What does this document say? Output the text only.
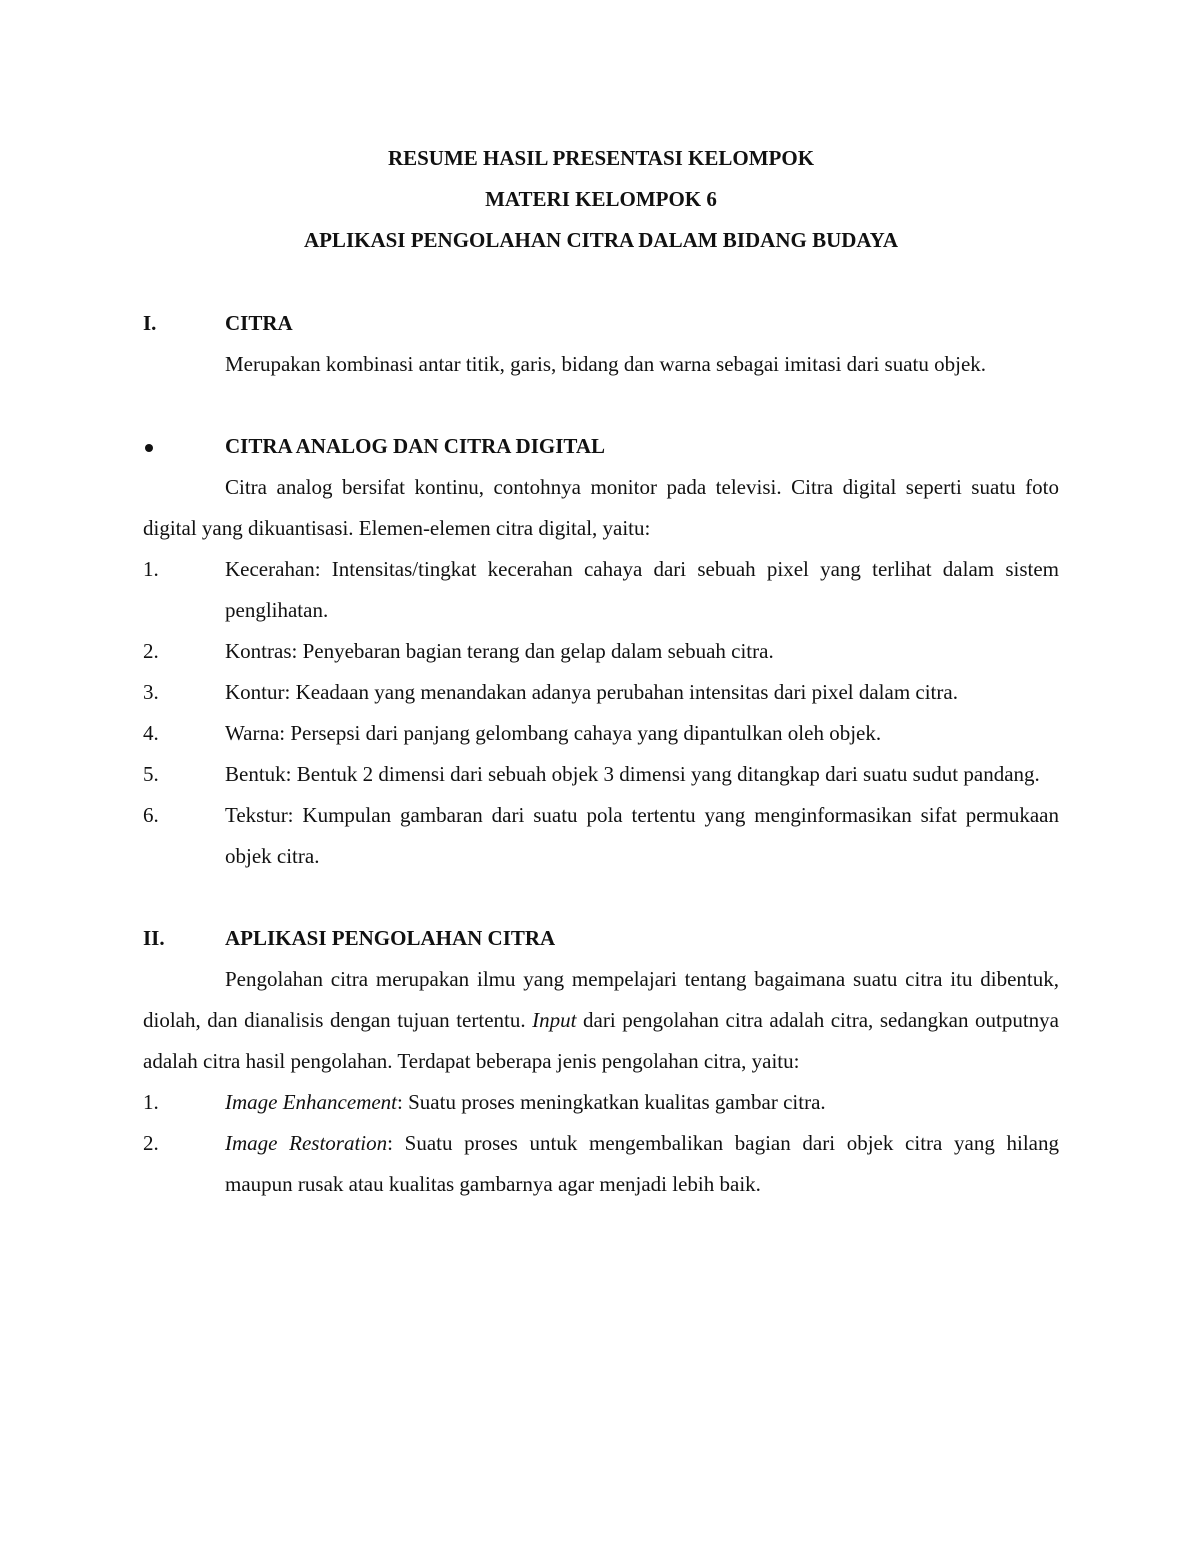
RESUME HASIL PRESENTASI KELOMPOK

MATERI KELOMPOK 6

APLIKASI PENGOLAHAN CITRA DALAM BIDANG BUDAYA

I.	CITRA

Merupakan kombinasi antar titik, garis, bidang dan warna sebagai imitasi dari suatu objek.

CITRA ANALOG DAN CITRA DIGITAL

Citra analog bersifat kontinu, contohnya monitor pada televisi. Citra digital seperti suatu foto digital yang dikuantisasi. Elemen-elemen citra digital, yaitu:

1.	Kecerahan: Intensitas/tingkat kecerahan cahaya dari sebuah pixel yang terlihat dalam sistem penglihatan.
2.	Kontras: Penyebaran bagian terang dan gelap dalam sebuah citra.
3.	Kontur: Keadaan yang menandakan adanya perubahan intensitas dari pixel dalam citra.
4.	Warna: Persepsi dari panjang gelombang cahaya yang dipantulkan oleh objek.
5.	Bentuk: Bentuk 2 dimensi dari sebuah objek 3 dimensi yang ditangkap dari suatu sudut pandang.
6.	Tekstur: Kumpulan gambaran dari suatu pola tertentu yang menginformasikan sifat permukaan objek citra.
II.	APLIKASI PENGOLAHAN CITRA

Pengolahan citra merupakan ilmu yang mempelajari tentang bagaimana suatu citra itu dibentuk, diolah, dan dianalisis dengan tujuan tertentu. Input dari pengolahan citra adalah citra, sedangkan outputnya adalah citra hasil pengolahan. Terdapat beberapa jenis pengolahan citra, yaitu:

1.	Image Enhancement: Suatu proses meningkatkan kualitas gambar citra.
2.	Image Restoration: Suatu proses untuk mengembalikan bagian dari objek citra yang hilang maupun rusak atau kualitas gambarnya agar menjadi lebih baik.
